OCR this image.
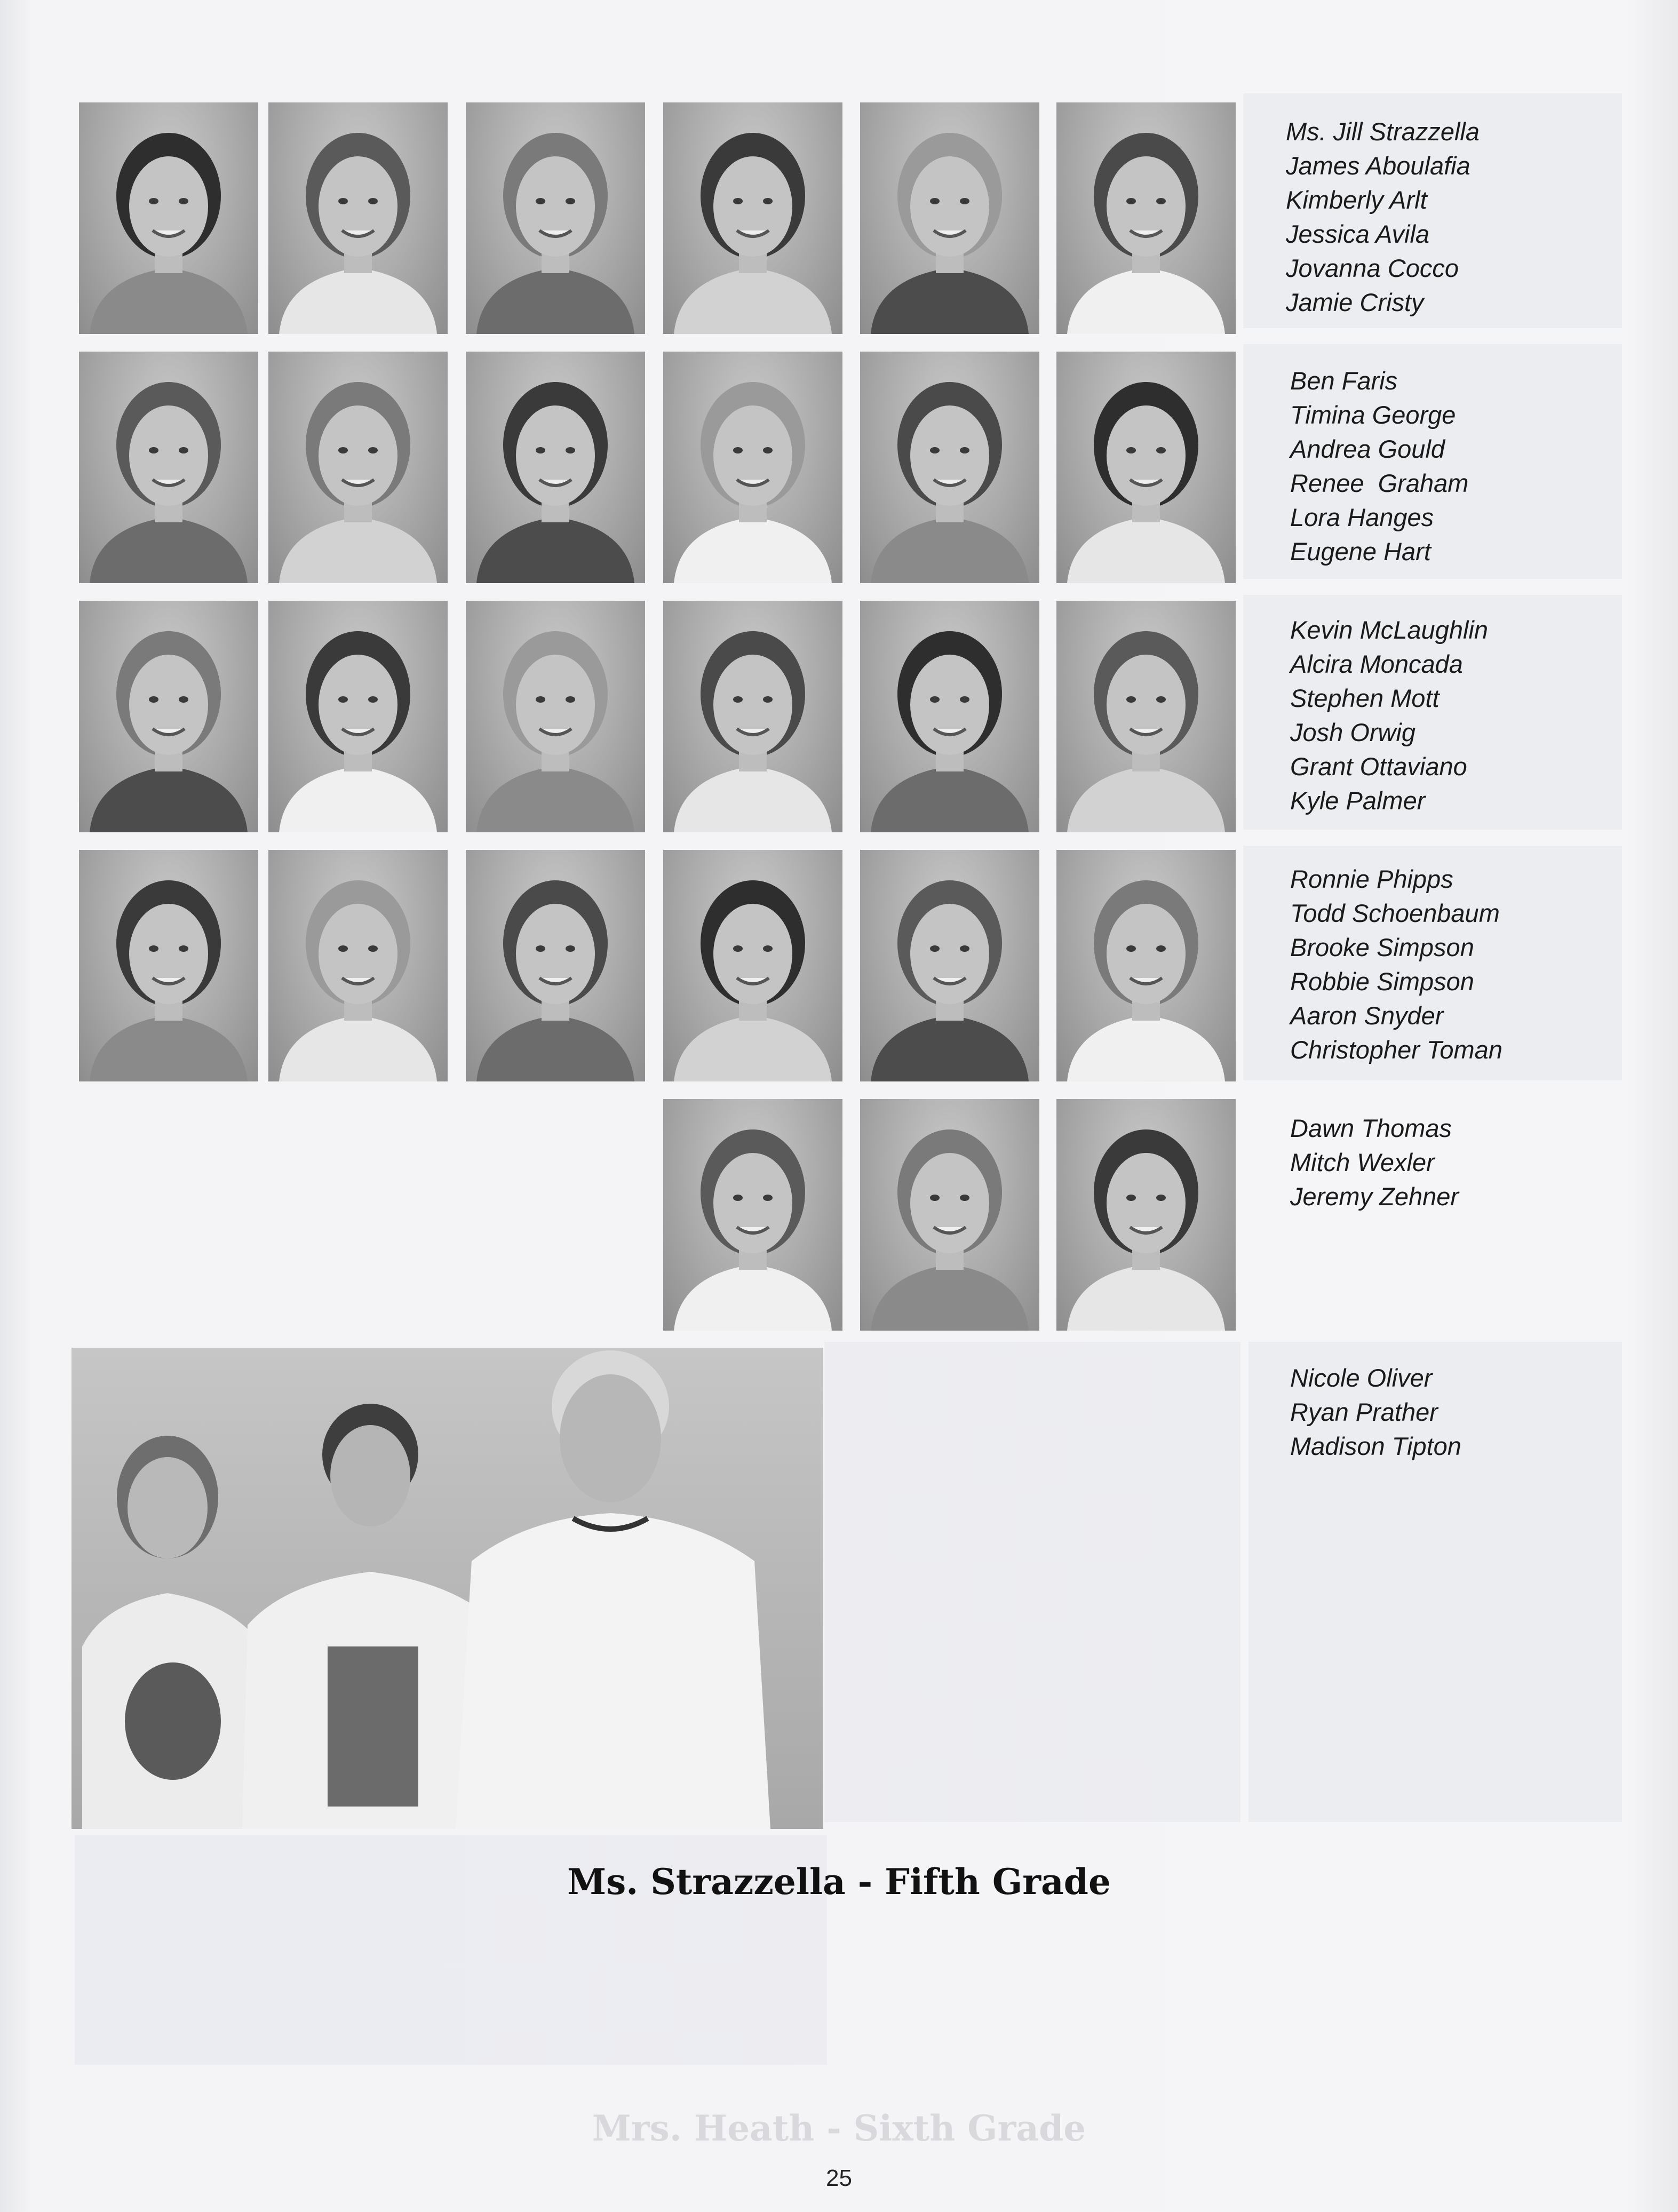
Ms. Jill Strazzella
James Aboulafia
Kimberly Arlt
Jessica Avila
Jovanna Cocco
Jamie Cristy
Ben Faris
Timina George
Andrea Gould
Renee  Graham
Lora Hanges
Eugene Hart
Kevin McLaughlin
Alcira Moncada
Stephen Mott
Josh Orwig
Grant Ottaviano
Kyle Palmer
Ronnie Phipps
Todd Schoenbaum
Brooke Simpson
Robbie Simpson
Aaron Snyder
Christopher Toman
Dawn Thomas
Mitch Wexler
Jeremy Zehner
Nicole Oliver
Ryan Prather
Madison Tipton

Ms. Strazzella - Fifth Grade

Mrs. Heath - Sixth Grade
25
